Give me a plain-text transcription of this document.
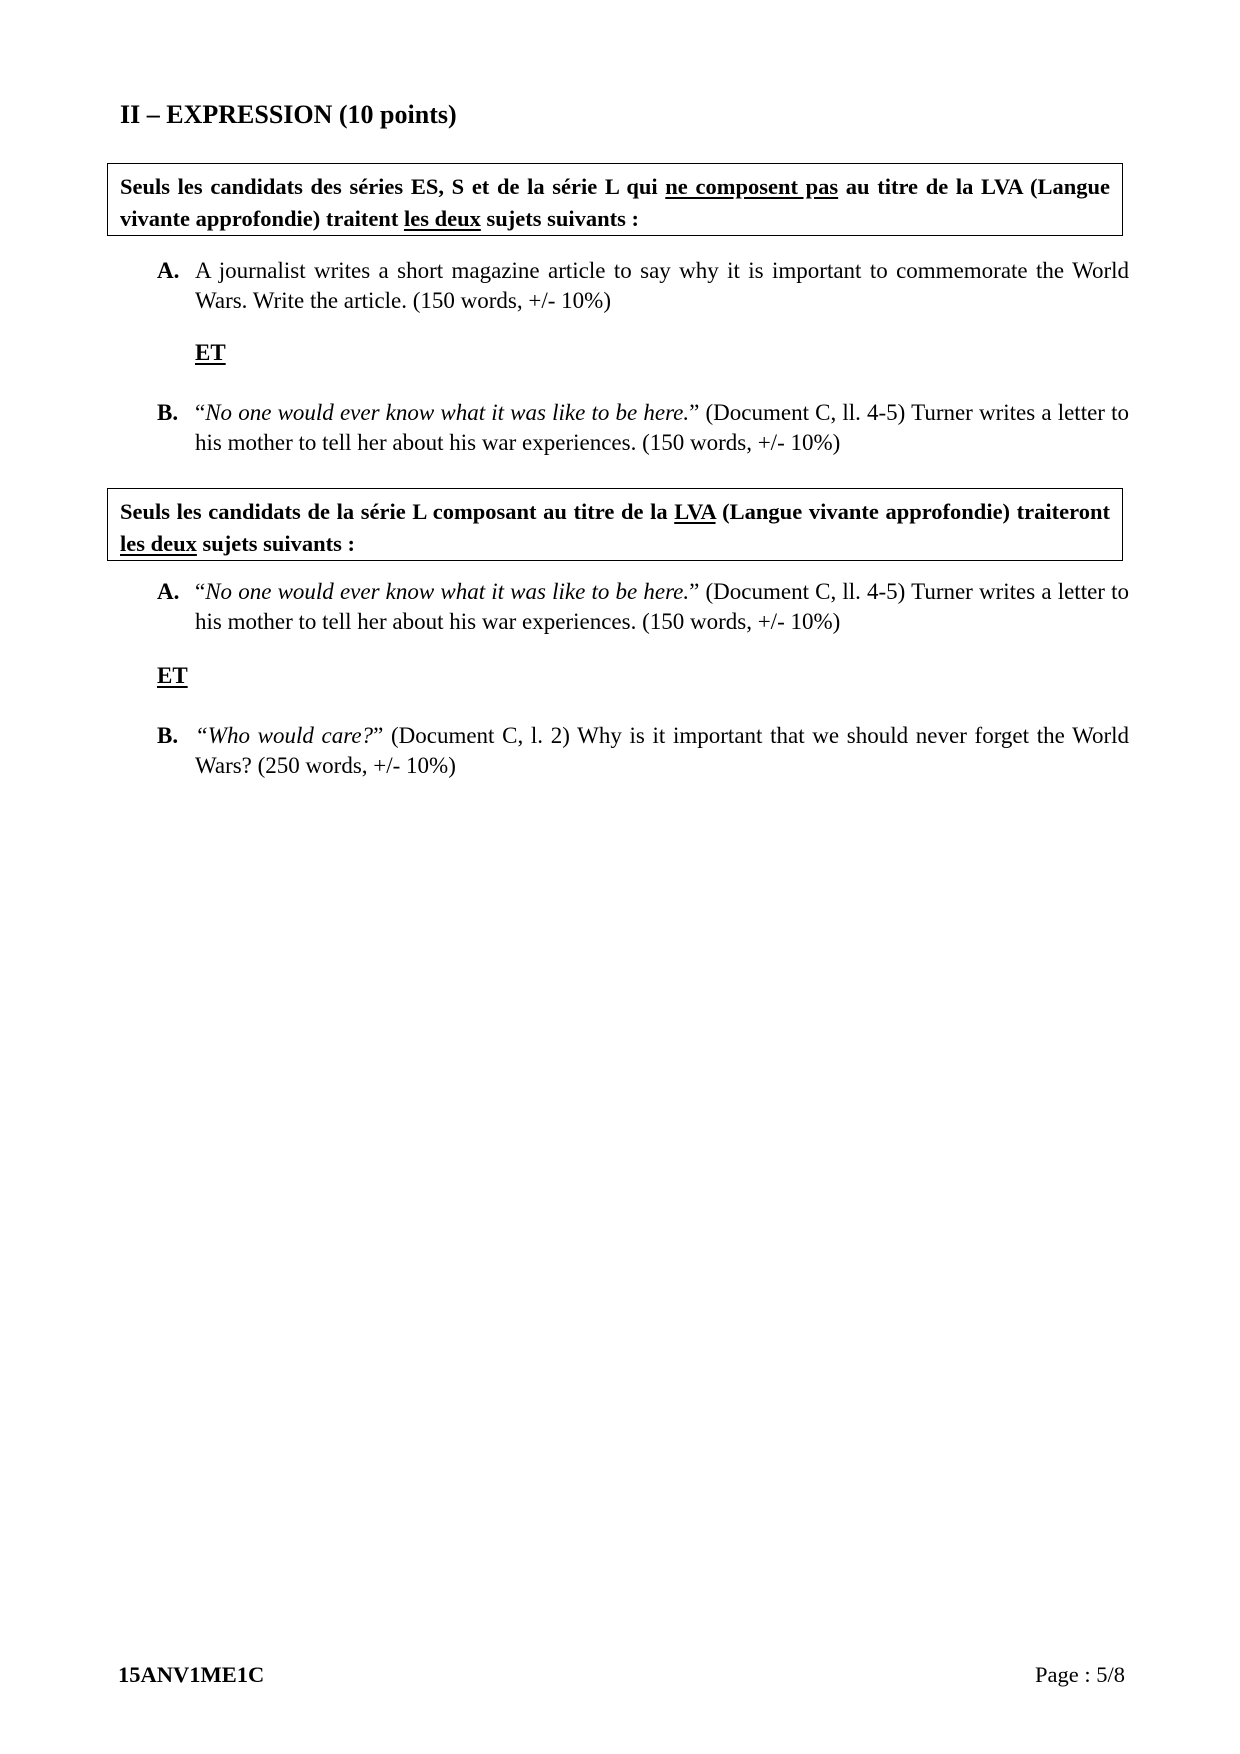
II – EXPRESSION (10 points)
Seuls les candidats des séries ES, S et de la série L qui ne composent pas au titre de la LVA (Langue vivante approfondie) traitent les deux sujets suivants :
A. A journalist writes a short magazine article to say why it is important to commemorate the World Wars. Write the article. (150 words, +/- 10%)
ET
B. “No one would ever know what it was like to be here.” (Document C, ll. 4-5) Turner writes a letter to his mother to tell her about his war experiences. (150 words, +/- 10%)
Seuls les candidats de la série L composant au titre de la LVA (Langue vivante approfondie) traiteront les deux sujets suivants :
A. “No one would ever know what it was like to be here.” (Document C, ll. 4-5) Turner writes a letter to his mother to tell her about his war experiences. (150 words, +/- 10%)
ET
B. “Who would care?” (Document C, l. 2) Why is it important that we should never forget the World Wars? (250 words, +/- 10%)
15ANV1ME1C	Page : 5/8
